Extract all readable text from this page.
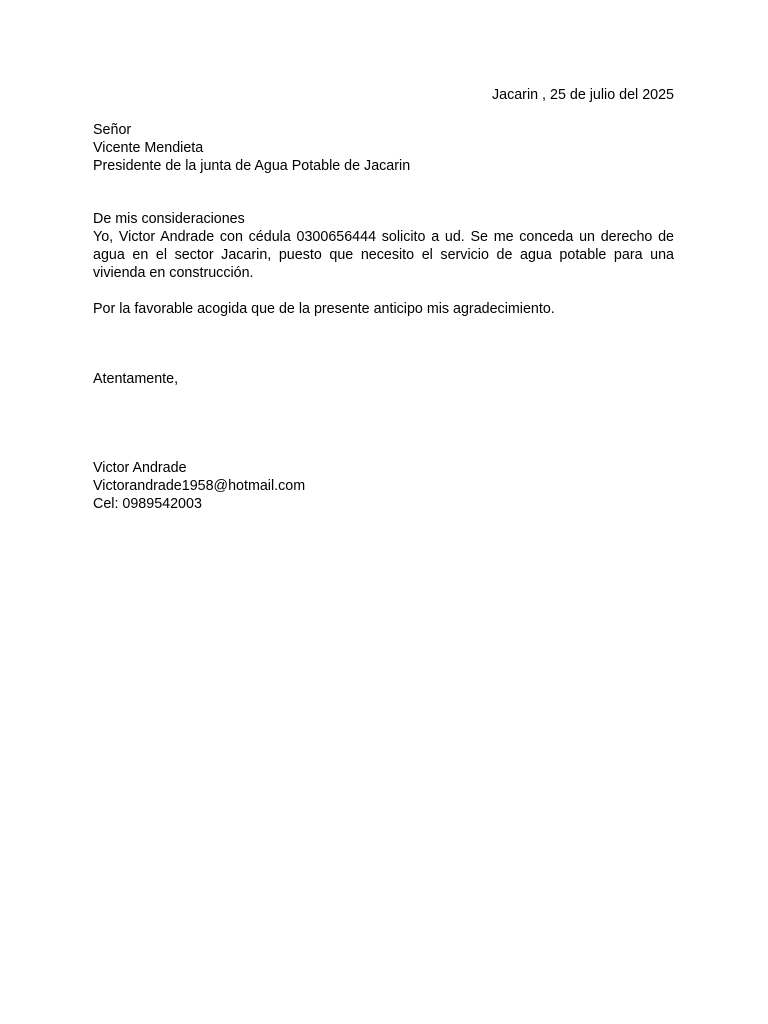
Jacarin , 25 de julio del 2025
Señor
Vicente Mendieta
Presidente de la junta de Agua Potable de Jacarin
De mis consideraciones
Yo, Victor Andrade con cédula 0300656444 solicito a ud. Se me conceda un derecho de agua en el sector Jacarin, puesto que necesito el servicio de agua potable para una vivienda en construcción.
Por la favorable acogida que de la presente anticipo mis agradecimiento.
Atentamente,
Victor Andrade
Victorandrade1958@hotmail.com
Cel: 0989542003
